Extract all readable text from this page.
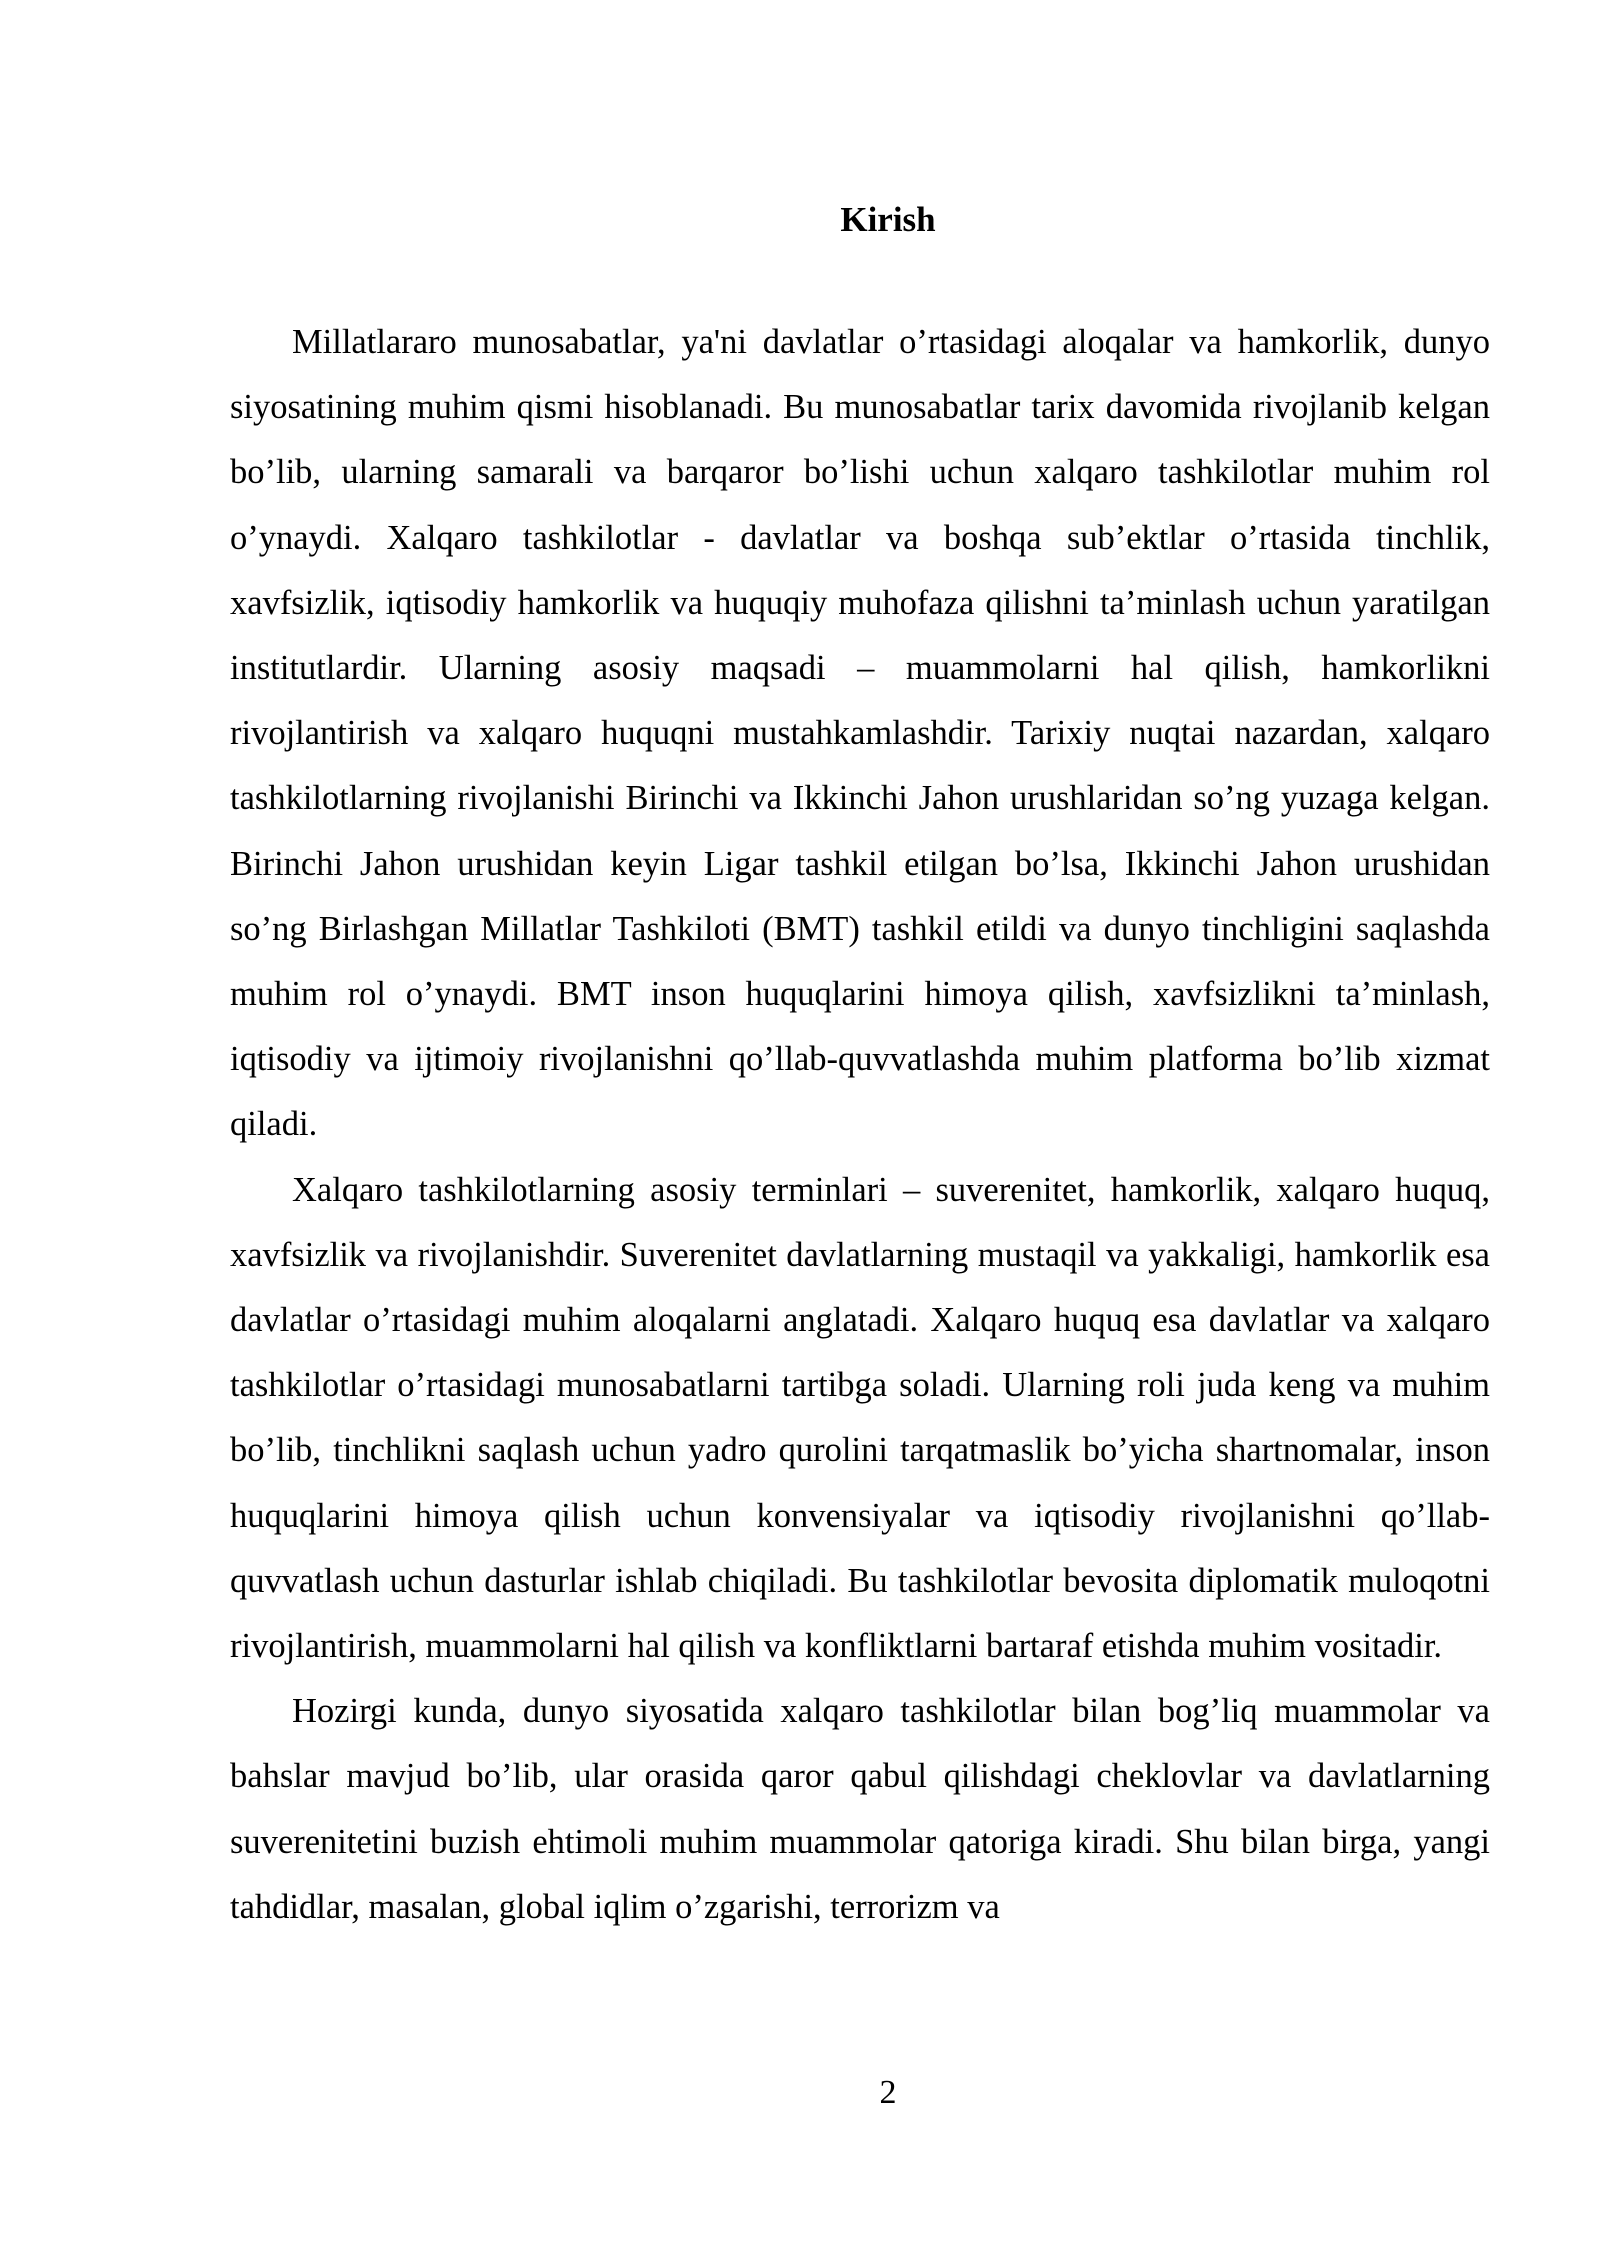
Kirish

Millatlararo munosabatlar, ya'ni davlatlar o’rtasidagi aloqalar va hamkorlik, dunyo siyosatining muhim qismi hisoblanadi. Bu munosabatlar tarix davomida rivojlanib kelgan bo’lib, ularning samarali va barqaror bo’lishi uchun xalqaro tashkilotlar muhim rol o’ynaydi. Xalqaro tashkilotlar - davlatlar va boshqa sub’ektlar o’rtasida tinchlik, xavfsizlik, iqtisodiy hamkorlik va huquqiy muhofaza qilishni ta’minlash uchun yaratilgan institutlardir. Ularning asosiy maqsadi – muammolarni hal qilish, hamkorlikni rivojlantirish va xalqaro huquqni mustahkamlashdir. Tarixiy nuqtai nazardan, xalqaro tashkilotlarning rivojlanishi Birinchi va Ikkinchi Jahon urushlaridan so’ng yuzaga kelgan. Birinchi Jahon urushidan keyin Ligar tashkil etilgan bo’lsa, Ikkinchi Jahon urushidan so’ng Birlashgan Millatlar Tashkiloti (BMT) tashkil etildi va dunyo tinchligini saqlashda muhim rol o’ynaydi. BMT inson huquqlarini himoya qilish, xavfsizlikni ta’minlash, iqtisodiy va ijtimoiy rivojlanishni qo’llab-quvvatlashda muhim platforma bo’lib xizmat qiladi.

Xalqaro tashkilotlarning asosiy terminlari – suverenitet, hamkorlik, xalqaro huquq, xavfsizlik va rivojlanishdir. Suverenitet davlatlarning mustaqil va yakkaligi, hamkorlik esa davlatlar o’rtasidagi muhim aloqalarni anglatadi. Xalqaro huquq esa davlatlar va xalqaro tashkilotlar o’rtasidagi munosabatlarni tartibga soladi. Ularning roli juda keng va muhim bo’lib, tinchlikni saqlash uchun yadro qurolini tarqatmaslik bo’yicha shartnomalar, inson huquqlarini himoya qilish uchun konvensiyalar va iqtisodiy rivojlanishni qo’llab-quvvatlash uchun dasturlar ishlab chiqiladi. Bu tashkilotlar bevosita diplomatik muloqotni rivojlantirish, muammolarni hal qilish va konfliktlarni bartaraf etishda muhim vositadir.

Hozirgi kunda, dunyo siyosatida xalqaro tashkilotlar bilan bog’liq muammolar va bahslar mavjud bo’lib, ular orasida qaror qabul qilishdagi cheklovlar va davlatlarning suverenitetini buzish ehtimoli muhim muammolar qatoriga kiradi. Shu bilan birga, yangi tahdidlar, masalan, global iqlim o’zgarishi, terrorizm va

2
